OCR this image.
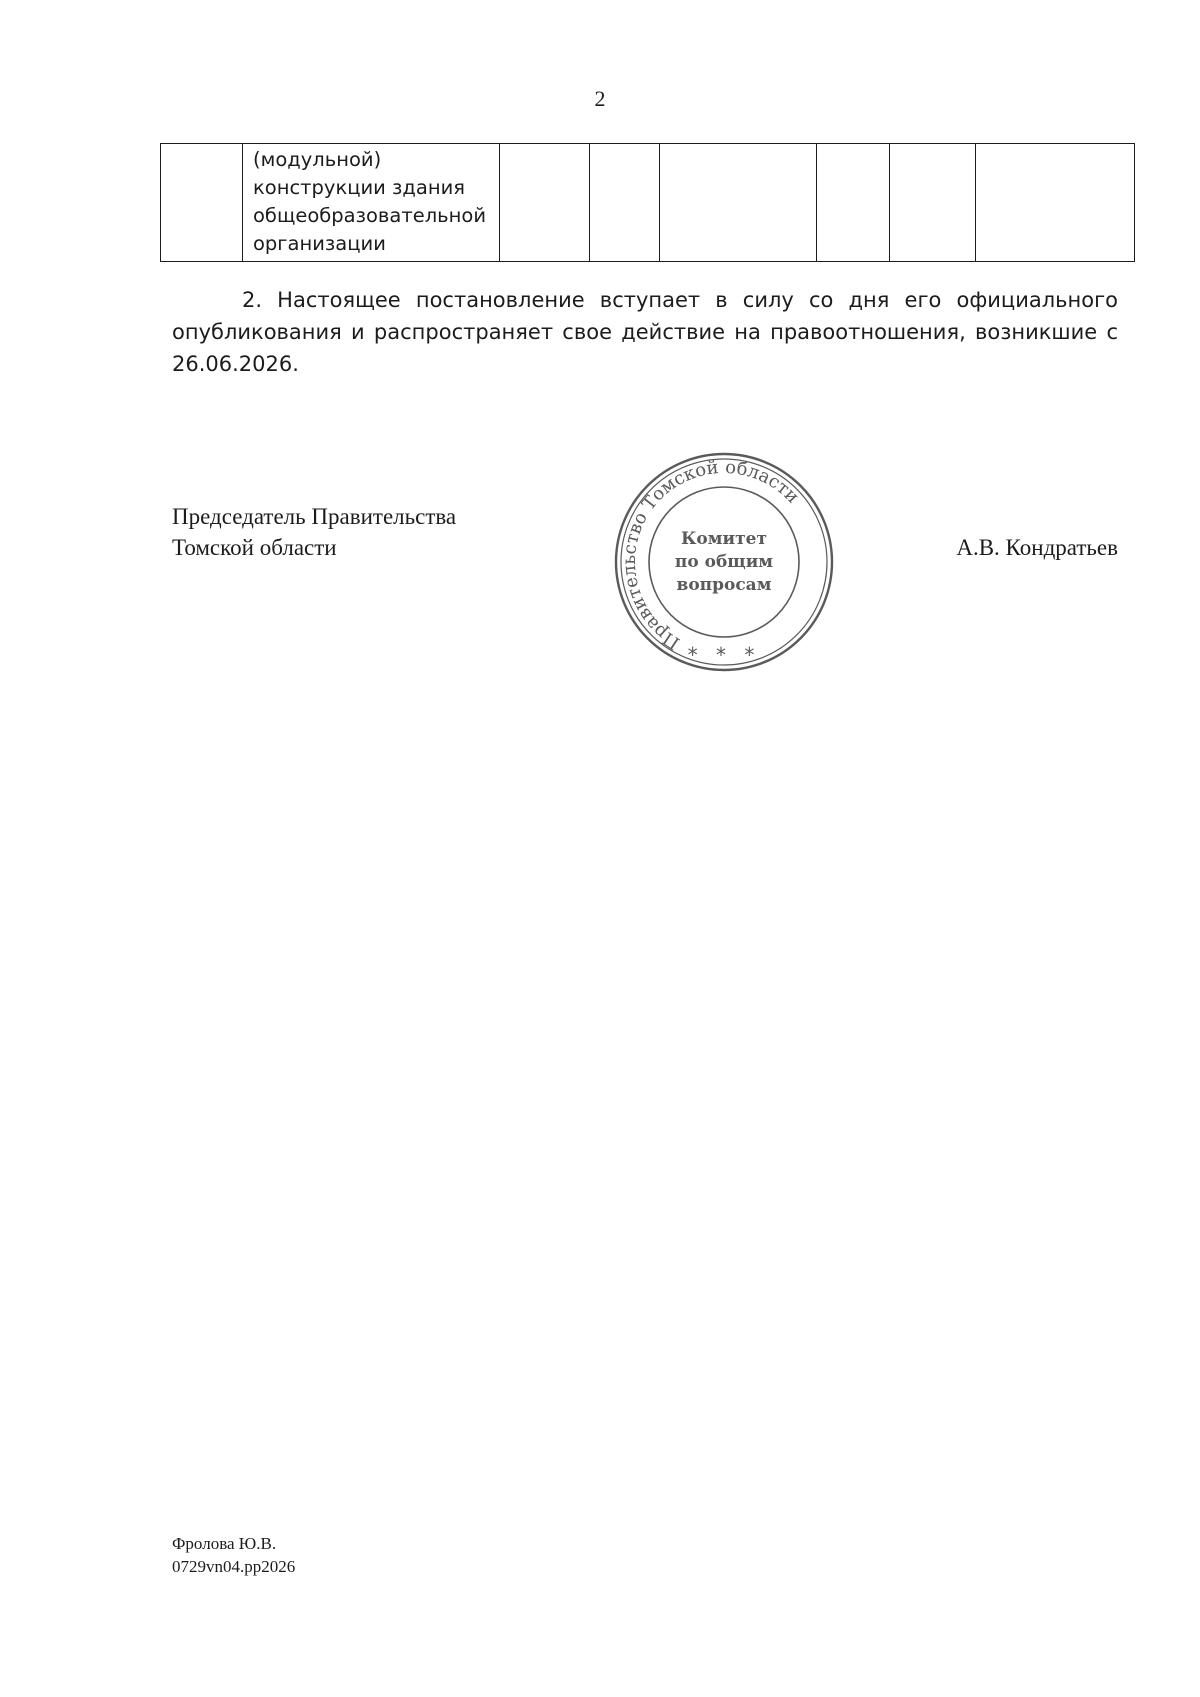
2
	(модульной) конструкции здания общеобразовательной организации						
2. Настоящее постановление вступает в силу со дня его официального
опубликования и распространяет свое действие на правоотношения, возникшие с 26.06.2026.
Председатель Правительства
Томской области
Правительство Томской области
Комитет
по общим
вопросам
* * *
А.В. Кондратьев
Фролова Ю.В.
0729vn04.pp2026
